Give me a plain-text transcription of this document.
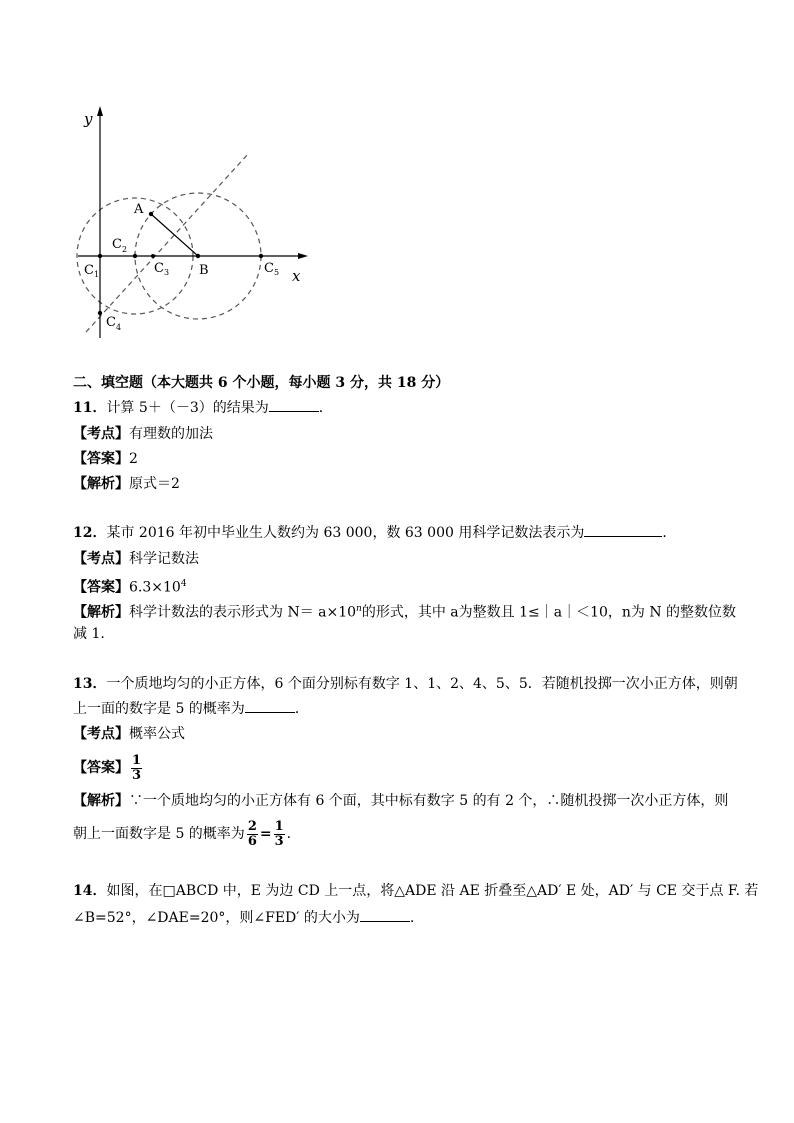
y
x
A
B
C 1
C 2
C 3
C 4
C 5
二、填空题（本大题共 6 个小题，每小题 3 分，共 18 分）
11．计算 5＋（－3）的结果为	．
【考点】有理数的加法
【答案】2
【解析】原式＝2
12．某市 2016 年初中毕业生人数约为 63 000，数 63 000 用科学记数法表示为	．
【考点】科学记数法
【答案】$6.3\times 10^4$
【解析】科学计数法的表示形式为 $N= a\times 10^n$的形式，其中 a为整数且 1≤｜a｜＜10，n为 N 的整数位数
减 1.
13．一个质地均匀的小正方体，6 个面分别标有数字 1、1、2、4、5、5．若随机投掷一次小正方体，则朝
上一面的数字是 5 的概率为	．
【考点】概率公式
【答案】 $\frac{1}{3}$
【解析】∵一个质地均匀的小正方体有 6 个面，其中标有数字 5 的有 2 个，∴随机投掷一次小正方体，则
朝上一面数字是 5 的概率为 $\frac{2}{6} = \frac{1}{3}$ .
14．如图，在□ABCD 中，E 为边 CD 上一点，将△ADE 沿 AE 折叠至△AD′ E 处，AD′ 与 CE 交于点 F. 若
∠B=52°，∠DAE=20°，则∠FED′ 的大小为	.
